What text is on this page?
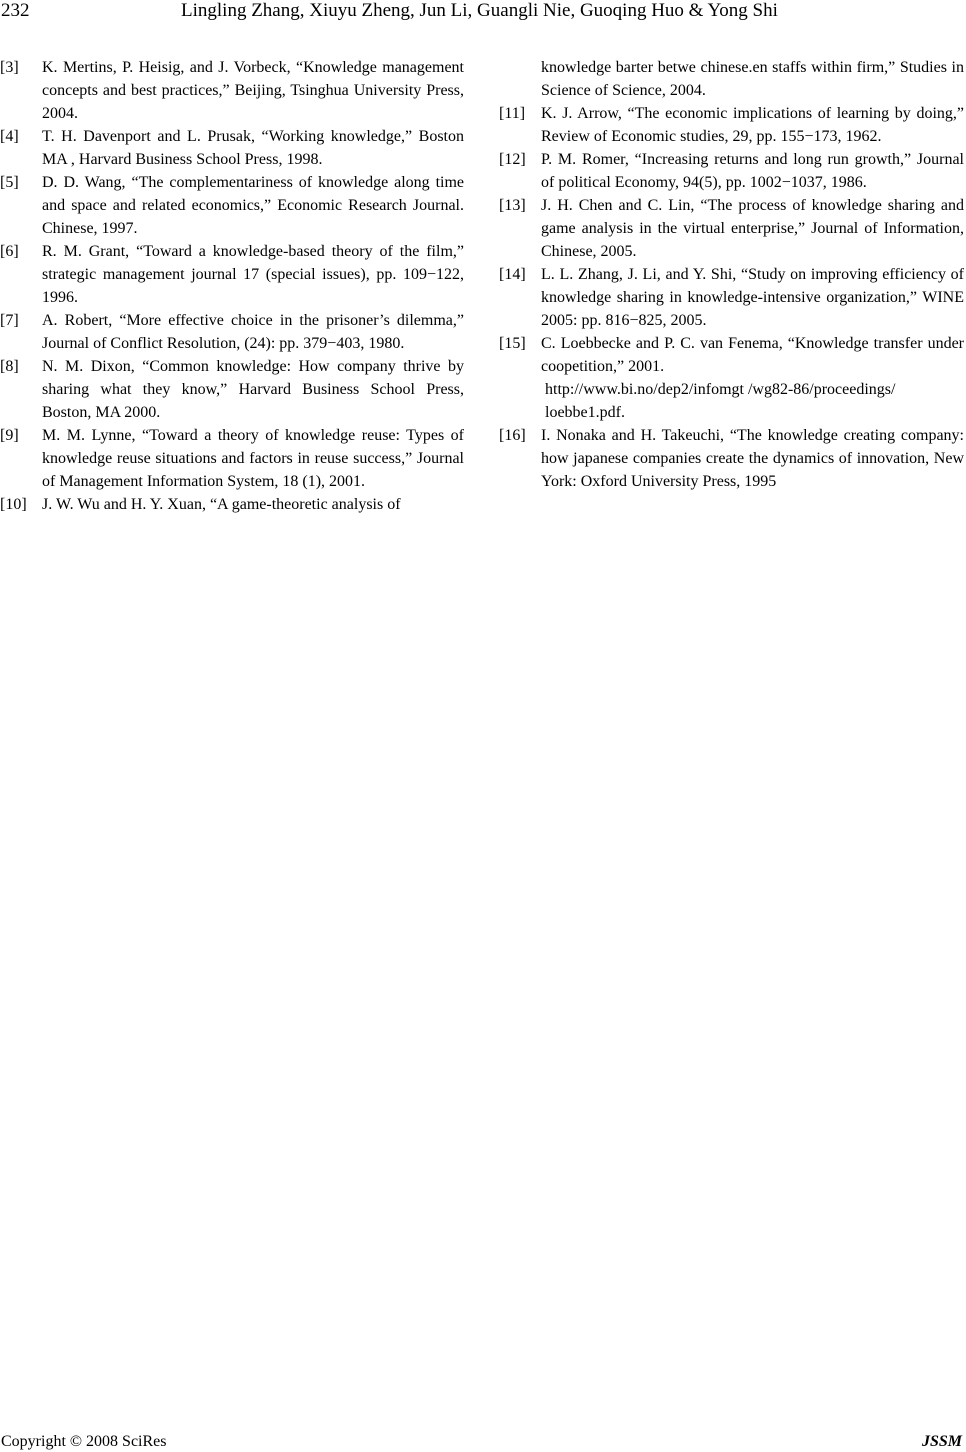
232	Lingling Zhang, Xiuyu Zheng, Jun Li, Guangli Nie, Guoqing Huo & Yong Shi
[3] K. Mertins, P. Heisig, and J. Vorbeck, “Knowledge management concepts and best practices,” Beijing, Tsinghua University Press, 2004.
[4] T. H. Davenport and L. Prusak, “Working knowledge,” Boston MA , Harvard Business School Press, 1998.
[5] D. D. Wang, “The complementariness of knowledge along time and space and related economics,” Economic Research Journal. Chinese, 1997.
[6] R. M. Grant, “Toward a knowledge-based theory of the film,” strategic management journal 17 (special issues), pp. 109−122, 1996.
[7] A. Robert, “More effective choice in the prisoner’s dilemma,” Journal of Conflict Resolution, (24): pp. 379−403, 1980.
[8] N. M. Dixon, “Common knowledge: How company thrive by sharing what they know,” Harvard Business School Press, Boston, MA 2000.
[9] M. M. Lynne, “Toward a theory of knowledge reuse: Types of knowledge reuse situations and factors in reuse success,” Journal of Management Information System, 18 (1), 2001.
[10] J. W. Wu and H. Y. Xuan, “A game-theoretic analysis of
knowledge barter betwe chinese.en staffs within firm,” Studies in Science of Science, 2004.
[11] K. J. Arrow, “The economic implications of learning by doing,” Review of Economic studies, 29, pp. 155−173, 1962.
[12] P. M. Romer, “Increasing returns and long run growth,” Journal of political Economy, 94(5), pp. 1002−1037, 1986.
[13] J. H. Chen and C. Lin, “The process of knowledge sharing and game analysis in the virtual enterprise,” Journal of Information, Chinese, 2005.
[14] L. L. Zhang, J. Li, and Y. Shi, “Study on improving efficiency of knowledge sharing in knowledge-intensive organization,” WINE 2005: pp. 816−825, 2005.
[15] C. Loebbecke and P. C. van Fenema, “Knowledge transfer under coopetition,” 2001.
http://www.bi.no/dep2/infomgt /wg82-86/proceedings/
loebbe1.pdf.
[16] I. Nonaka and H. Takeuchi, “The knowledge creating company: how japanese companies create the dynamics of innovation, New York: Oxford University Press, 1995
Copyright © 2008 SciRes	JSSM
